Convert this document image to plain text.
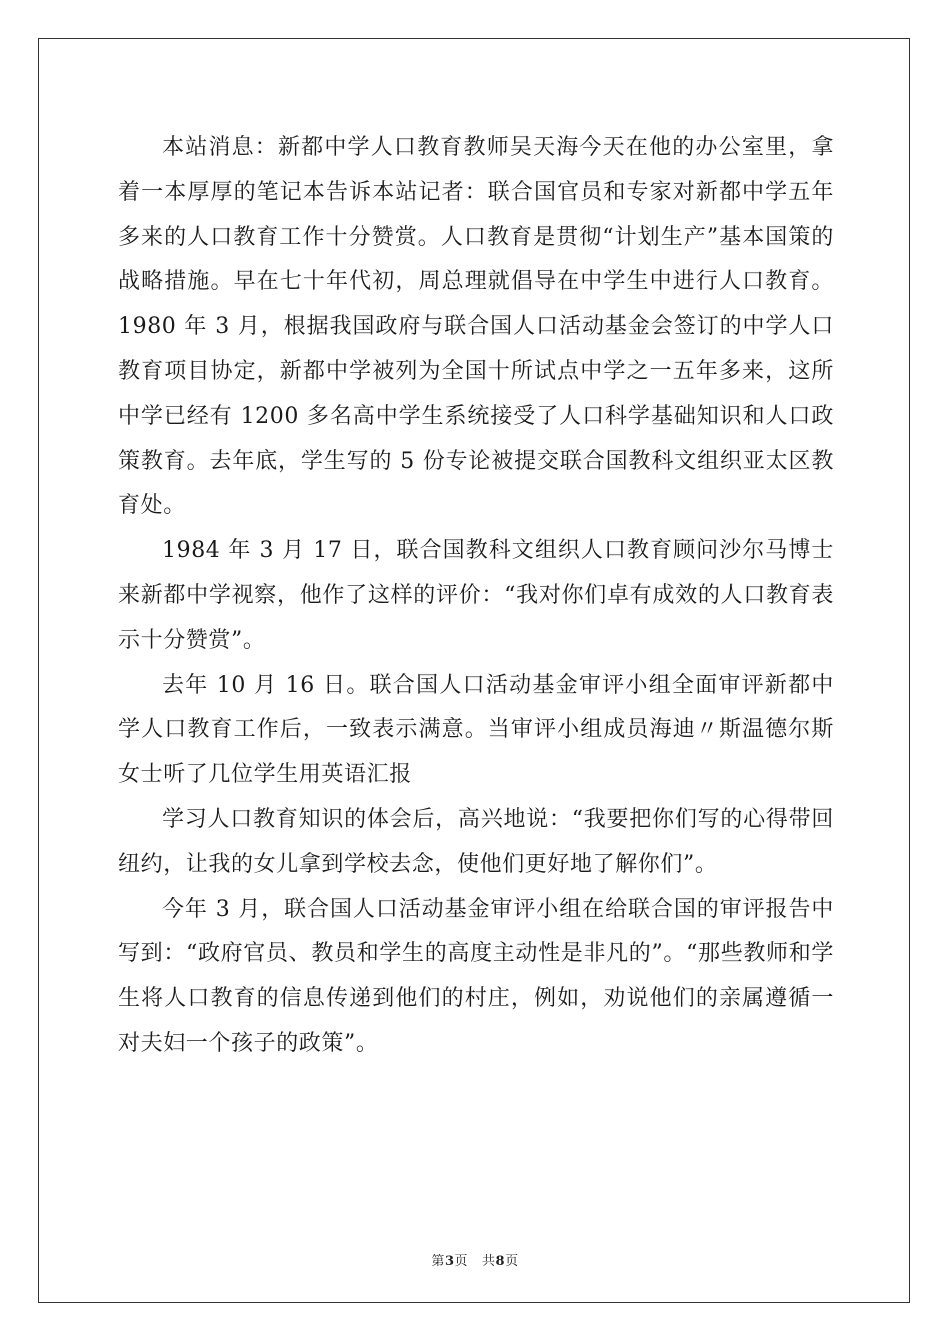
本站消息：新都中学人口教育教师吴天海今天在他的办公室里，拿着一本厚厚的笔记本告诉本站记者：联合国官员和专家对新都中学五年多来的人口教育工作十分赞赏。人口教育是贯彻“计划生产”基本国策的战略措施。早在七十年代初，周总理就倡导在中学生中进行人口教育。1980 年 3 月，根据我国政府与联合国人口活动基金会签订的中学人口教育项目协定，新都中学被列为全国十所试点中学之一五年多来，这所中学已经有 1200 多名高中学生系统接受了人口科学基础知识和人口政策教育。去年底，学生写的 5 份专论被提交联合国教科文组织亚太区教育处。

1984 年 3 月 17 日，联合国教科文组织人口教育顾问沙尔马博士来新都中学视察，他作了这样的评价：“我对你们卓有成效的人口教育表示十分赞赏”。

去年 10 月 16 日。联合国人口活动基金审评小组全面审评新都中学人口教育工作后，一致表示满意。当审评小组成员海迪〃斯温德尔斯女士听了几位学生用英语汇报

学习人口教育知识的体会后，高兴地说：“我要把你们写的心得带回纽约，让我的女儿拿到学校去念，使他们更好地了解你们”。

今年 3 月，联合国人口活动基金审评小组在给联合国的审评报告中写到：“政府官员、教员和学生的高度主动性是非凡的”。“那些教师和学生将人口教育的信息传递到他们的村庄，例如，劝说他们的亲属遵循一对夫妇一个孩子的政策”。

第3页 共8页
